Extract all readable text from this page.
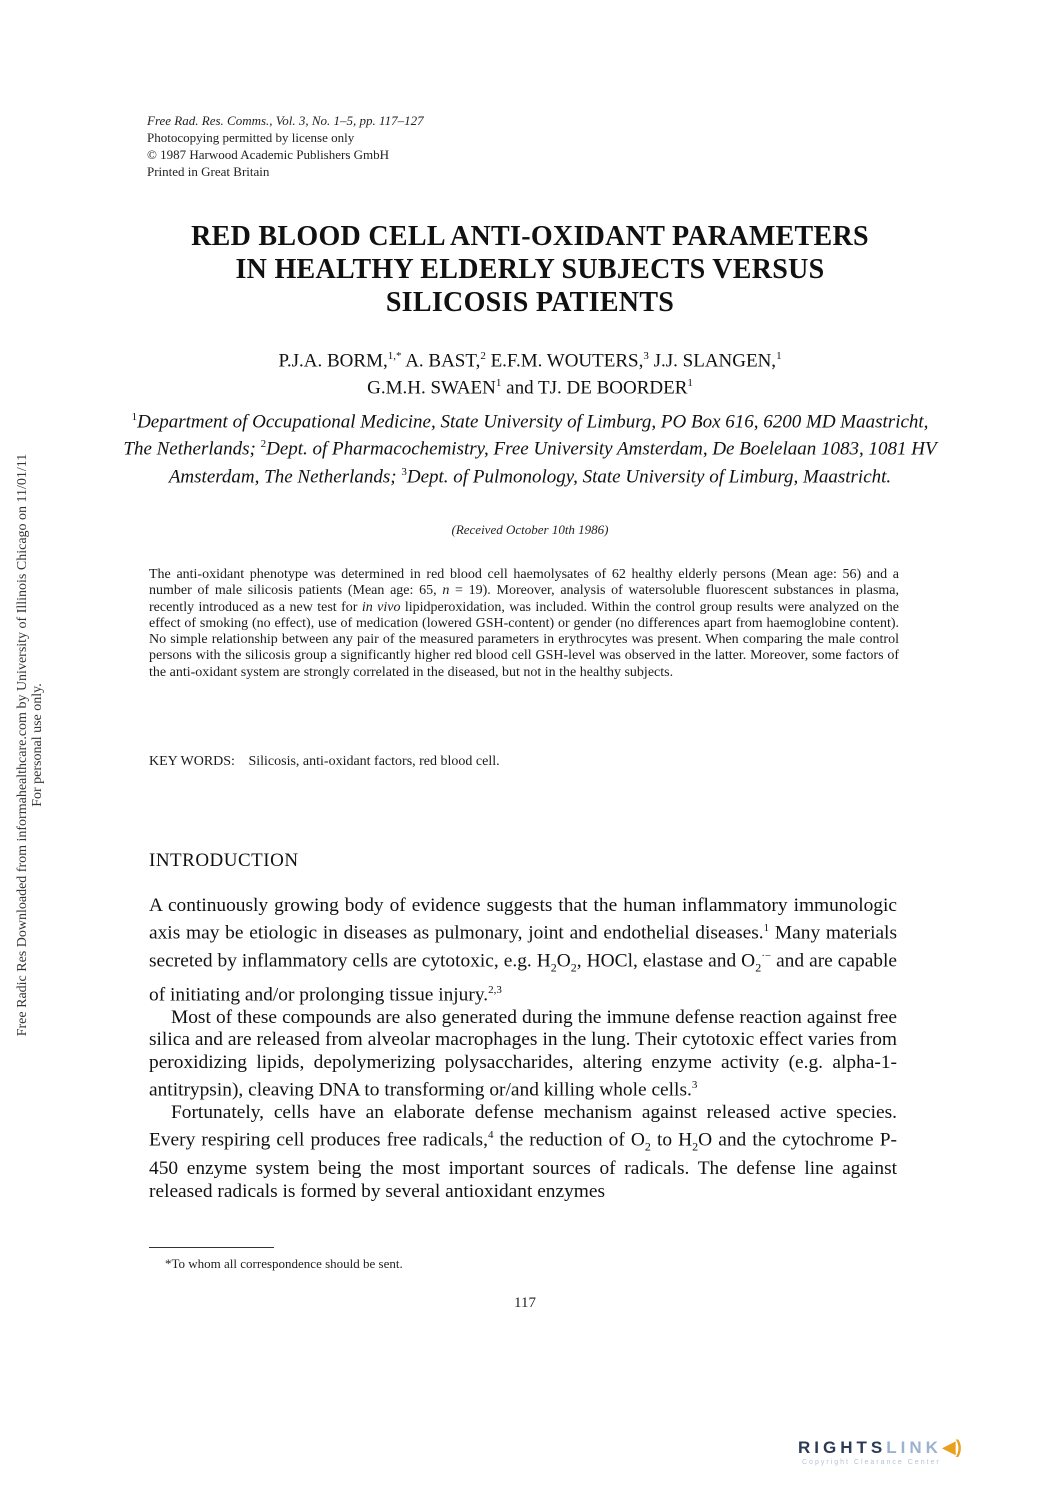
Free Radic Res Downloaded from informahealthcare.com by University of Illinois Chicago on 11/01/11 For personal use only.
Free Rad. Res. Comms., Vol. 3, No. 1–5, pp. 117–127
Photocopying permitted by license only
© 1987 Harwood Academic Publishers GmbH
Printed in Great Britain
RED BLOOD CELL ANTI-OXIDANT PARAMETERS
IN HEALTHY ELDERLY SUBJECTS VERSUS
SILICOSIS PATIENTS
P.J.A. BORM,$^{1,*}$ A. BAST,$^2$ E.F.M. WOUTERS,$^3$ J.J. SLANGEN,$^1$
G.M.H. SWAEN$^1$ and TJ. DE BOORDER$^1$
$^1$Department of Occupational Medicine, State University of Limburg, PO Box 616, 6200 MD Maastricht, The Netherlands; $^2$Dept. of Pharmacochemistry, Free University Amsterdam, De Boelelaan 1083, 1081 HV Amsterdam, The Netherlands; $^3$Dept. of Pulmonology, State University of Limburg, Maastricht.
(Received October 10th 1986)
The anti-oxidant phenotype was determined in red blood cell haemolysates of 62 healthy elderly persons (Mean age: 56) and a number of male silicosis patients (Mean age: 65, n = 19). Moreover, analysis of watersoluble fluorescent substances in plasma, recently introduced as a new test for in vivo lipidperoxidation, was included. Within the control group results were analyzed on the effect of smoking (no effect), use of medication (lowered GSH-content) or gender (no differences apart from haemoglobine content). No simple relationship between any pair of the measured parameters in erythrocytes was present. When comparing the male control persons with the silicosis group a significantly higher red blood cell GSH-level was observed in the latter. Moreover, some factors of the anti-oxidant system are strongly correlated in the diseased, but not in the healthy subjects.
KEY WORDS: Silicosis, anti-oxidant factors, red blood cell.
INTRODUCTION

A continuously growing body of evidence suggests that the human inflammatory immunologic axis may be etiologic in diseases as pulmonary, joint and endothelial diseases.$^1$ Many materials secreted by inflammatory cells are cytotoxic, e.g. $H_2O_2$, HOCl, elastase and $O_2^{\cdot-}$ and are capable of initiating and/or prolonging tissue injury.$^{2,3}$

Most of these compounds are also generated during the immune defense reaction against free silica and are released from alveolar macrophages in the lung. Their cytotoxic effect varies from peroxidizing lipids, depolymerizing polysaccharides, altering enzyme activity (e.g. alpha-1-antitrypsin), cleaving DNA to transforming or/and killing whole cells.$^3$

Fortunately, cells have an elaborate defense mechanism against released active species. Every respiring cell produces free radicals,$^4$ the reduction of $O_2$ to $H_2O$ and the cytochrome P-450 enzyme system being the most important sources of radicals. The defense line against released radicals is formed by several antioxidant enzymes

*To whom all correspondence should be sent.
117
RIGHTSLINK◀)
Copyright Clearance Center
